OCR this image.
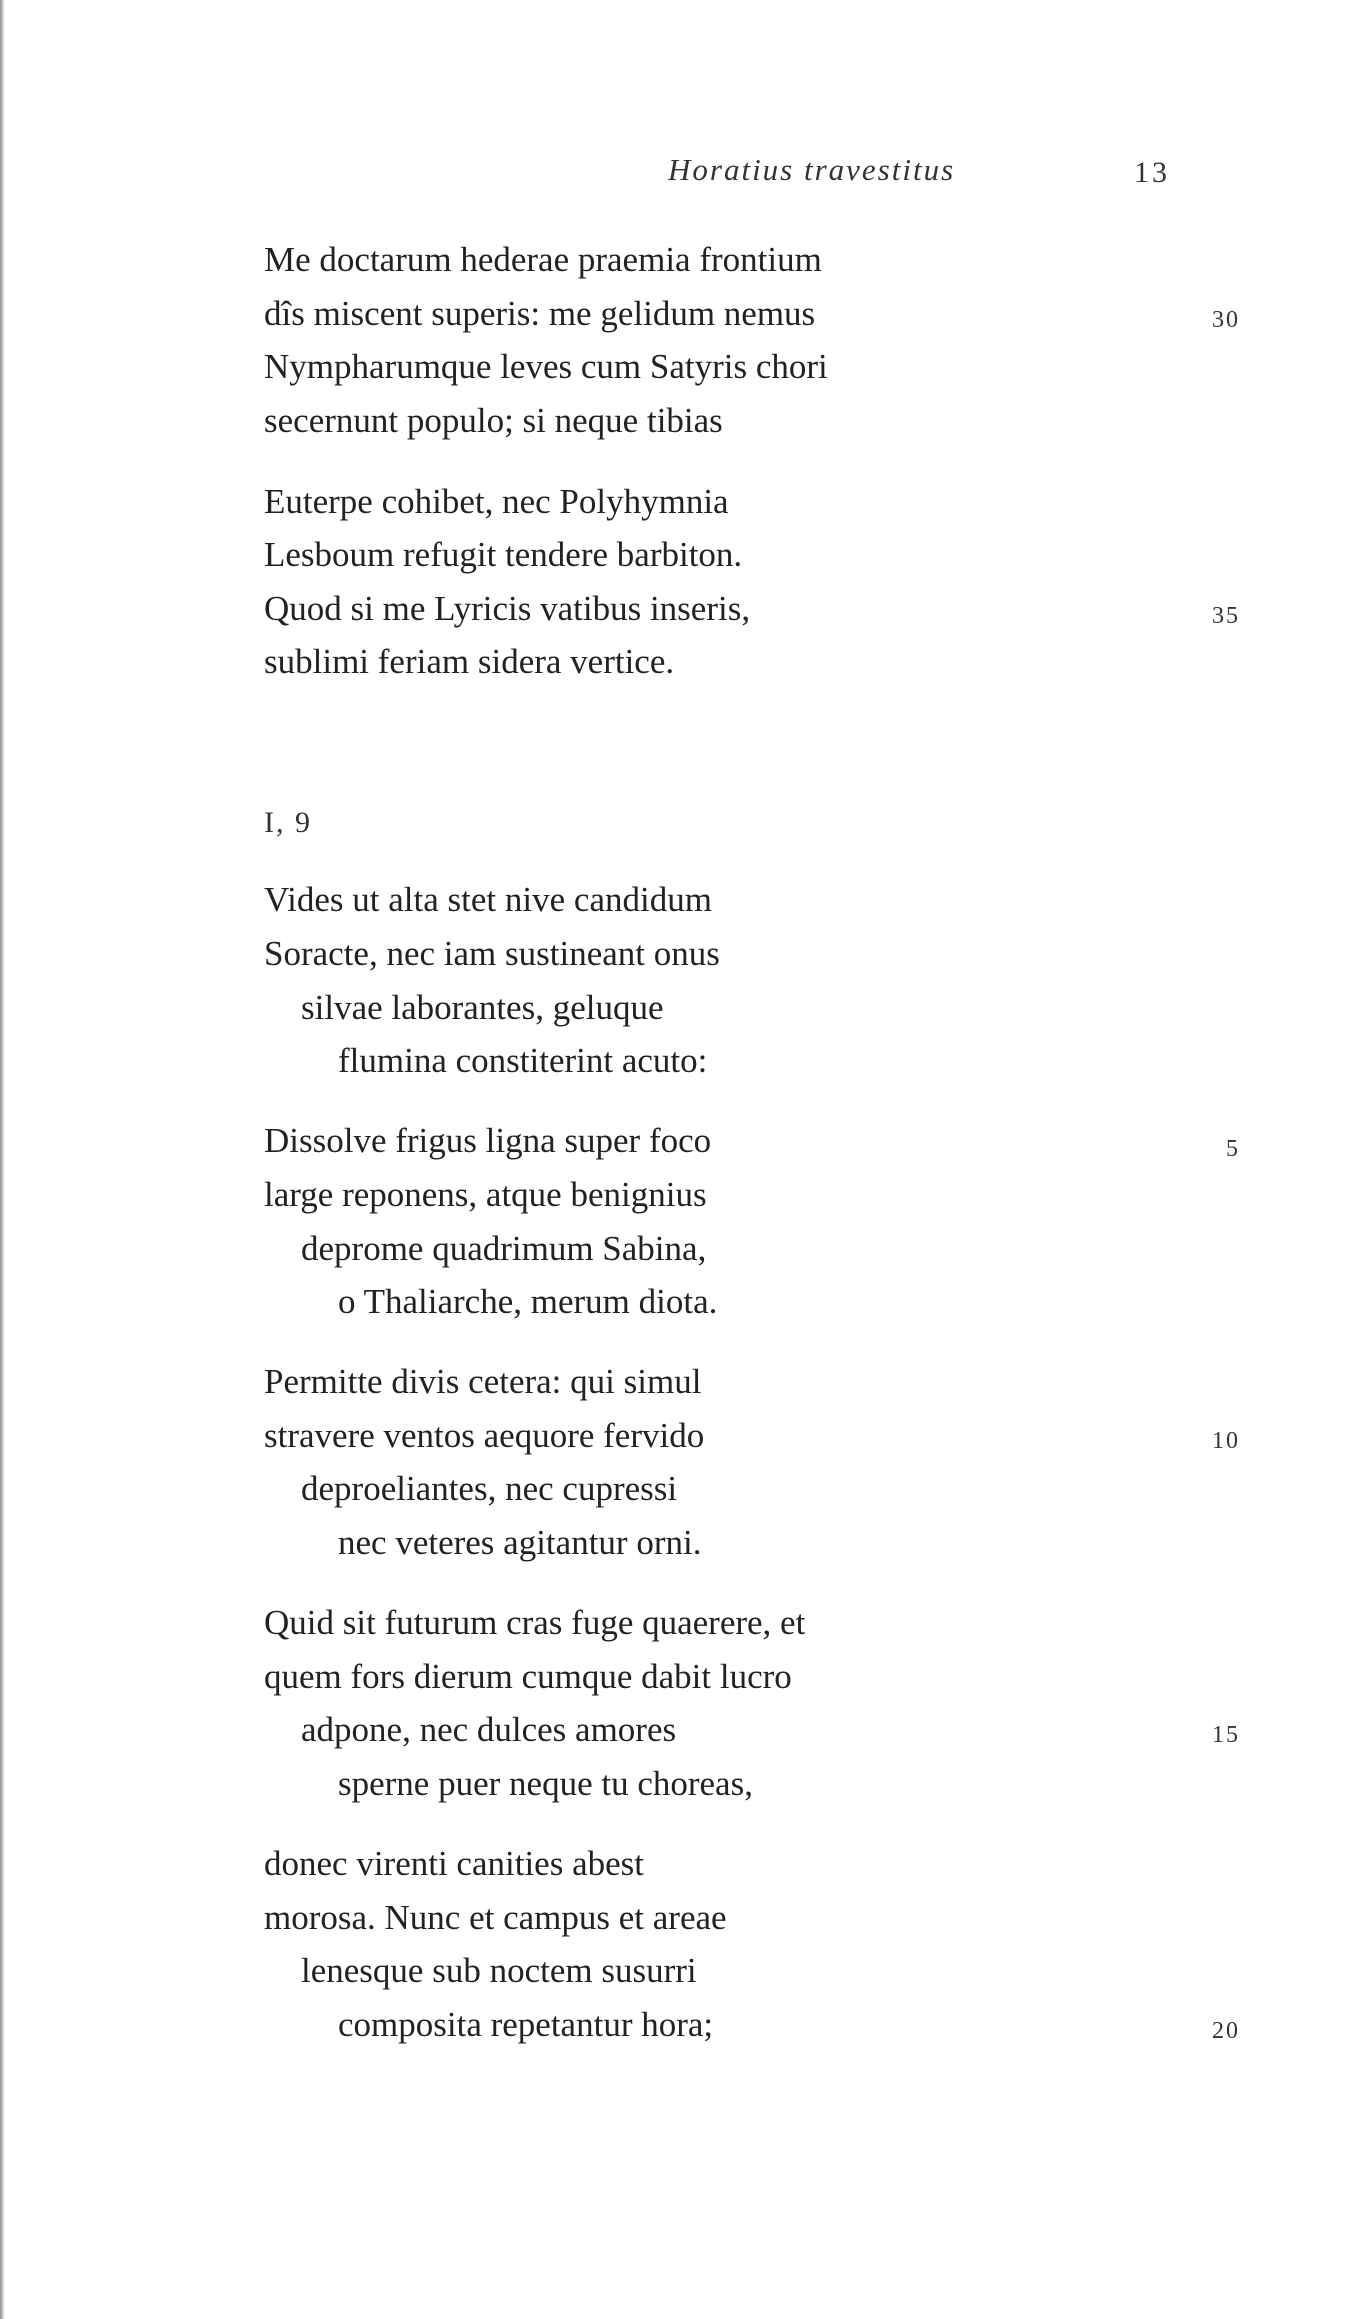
Horatius travestitus	13
Me doctarum hederae praemia frontium
dîs miscent superis: me gelidum nemus	30
Nympharumque leves cum Satyris chori
secernunt populo; si neque tibias
Euterpe cohibet, nec Polyhymnia
Lesboum refugit tendere barbiton.
Quod si me Lyricis vatibus inseris,	35
sublimi feriam sidera vertice.
I, 9
Vides ut alta stet nive candidum
Soracte, nec iam sustineant onus
silvae laborantes, geluque
flumina constiterint acuto:
Dissolve frigus ligna super foco	5
large reponens, atque benignius
deprome quadrimum Sabina,
o Thaliarche, merum diota.
Permitte divis cetera: qui simul
stravere ventos aequore fervido	10
deproeliantes, nec cupressi
nec veteres agitantur orni.
Quid sit futurum cras fuge quaerere, et
quem fors dierum cumque dabit lucro
adpone, nec dulces amores	15
sperne puer neque tu choreas,
donec virenti canities abest
morosa. Nunc et campus et areae
lenesque sub noctem susurri
composita repetantur hora;	20
